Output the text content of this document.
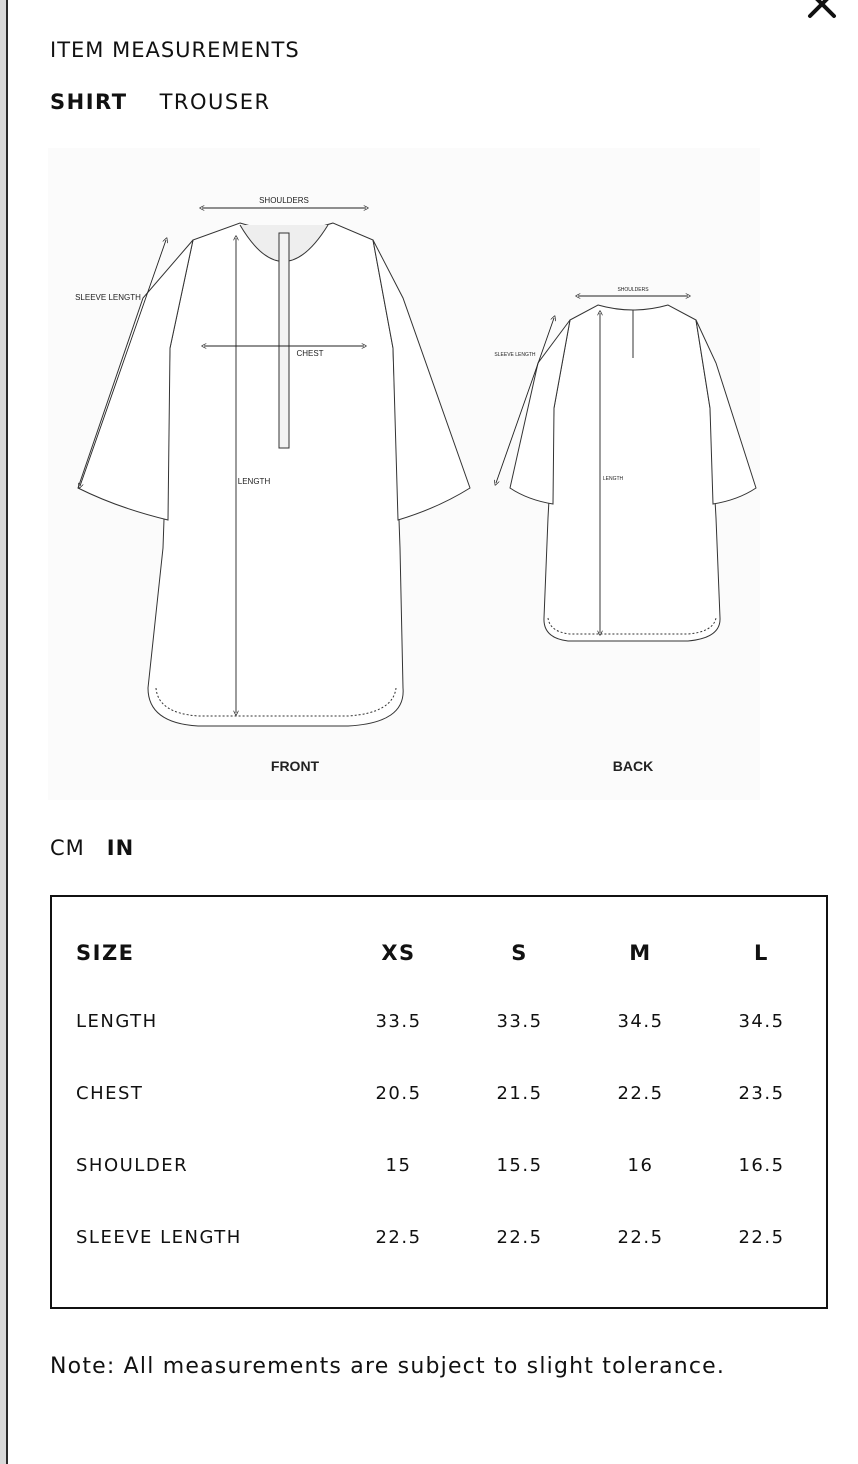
ITEM MEASUREMENTS
SHIRT TROUSER
SHOULDERS
CHEST
LENGTH
SLEEVE LENGTH
SHOULDERS
LENGTH
SLEEVE LENGTH
FRONT	BACK
CM IN
SIZE	XS	S	M	L
LENGTH	33.5	33.5	34.5	34.5
CHEST	20.5	21.5	22.5	23.5
SHOULDER	15	15.5	16	16.5
SLEEVE LENGTH	22.5	22.5	22.5	22.5
Note: All measurements are subject to slight tolerance.
